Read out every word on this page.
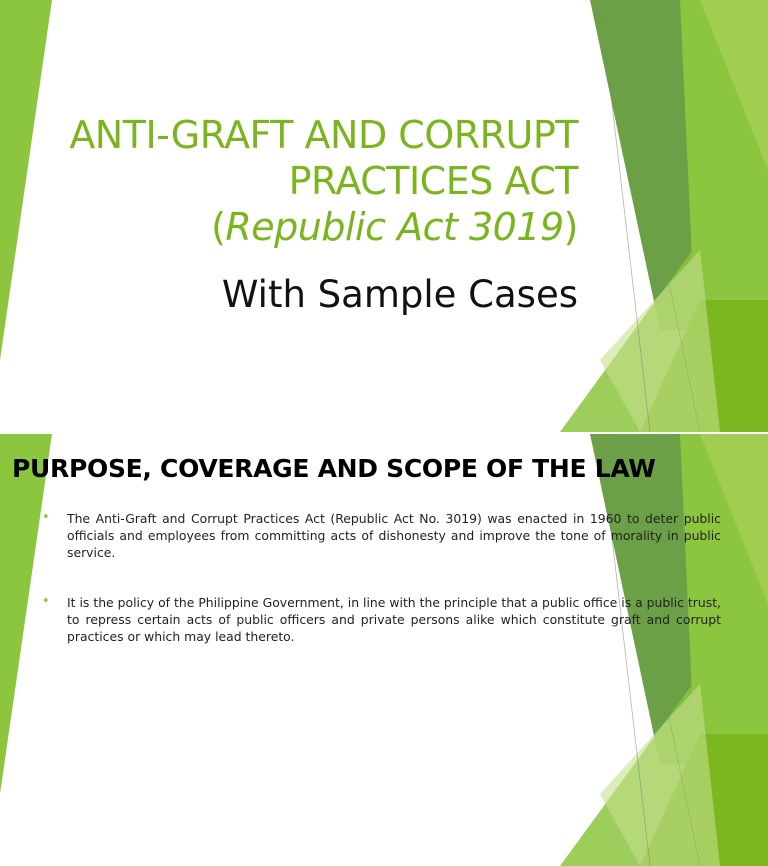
ANTI-GRAFT AND CORRUPT
PRACTICES ACT
(Republic Act 3019)
With Sample Cases
PURPOSE, COVERAGE AND SCOPE OF THE LAW
• The Anti-Graft and Corrupt Practices Act (Republic Act No. 3019) was enacted in 1960 to deter public officials and employees from committing acts of dishonesty and improve the tone of morality in public service.
• It is the policy of the Philippine Government, in line with the principle that a public office is a public trust, to repress certain acts of public officers and private persons alike which constitute graft and corrupt practices or which may lead thereto.
